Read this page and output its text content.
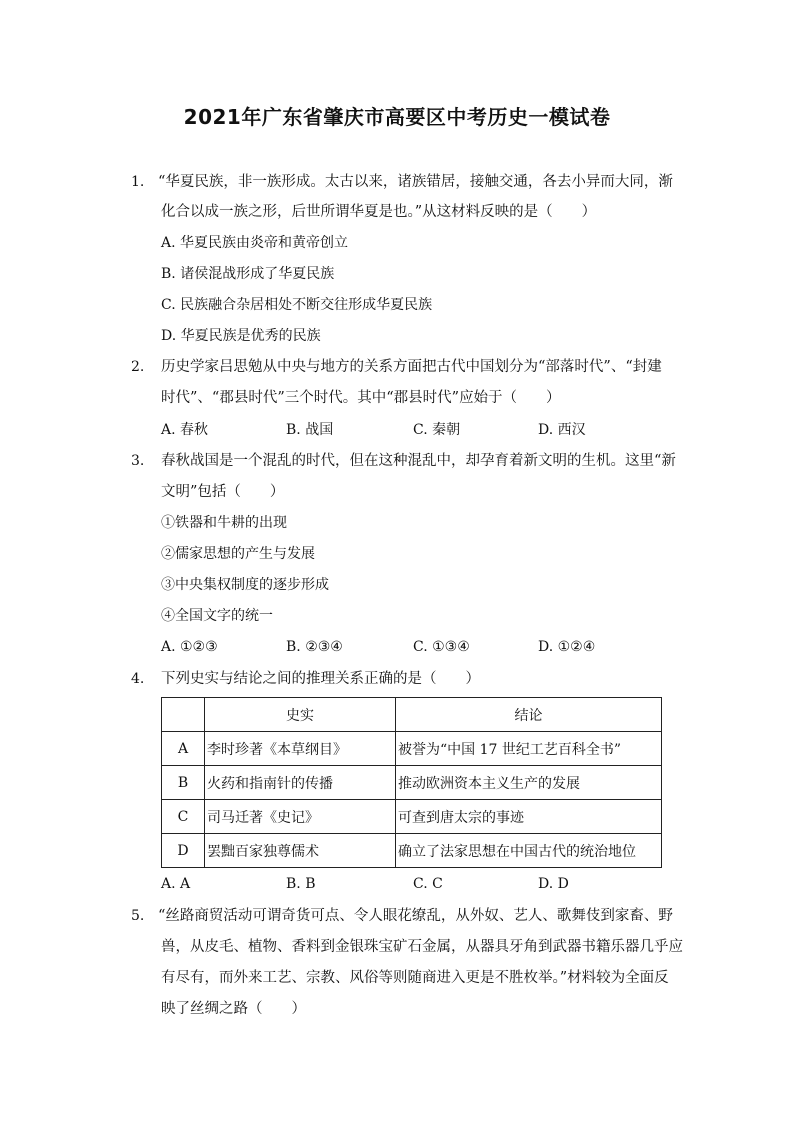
2021年广东省肇庆市高要区中考历史一模试卷
1. “华夏民族，非一族形成。太古以来，诸族错居，接触交通，各去小异而大同，渐
化合以成一族之形，后世所谓华夏是也。”从这材料反映的是（　　）
A. 华夏民族由炎帝和黄帝创立
B. 诸侯混战形成了华夏民族
C. 民族融合杂居相处不断交往形成华夏民族
D. 华夏民族是优秀的民族
2. 历史学家吕思勉从中央与地方的关系方面把古代中国划分为“部落时代”、“封建
时代”、“郡县时代”三个时代。其中“郡县时代”应始于（　　）
A. 春秋	B. 战国	C. 秦朝	D. 西汉
3. 春秋战国是一个混乱的时代，但在这种混乱中，却孕育着新文明的生机。这里“新
文明”包括（　　）
①铁器和牛耕的出现
②儒家思想的产生与发展
③中央集权制度的逐步形成
④全国文字的统一
A. ①②③	B. ②③④	C. ①③④	D. ①②④
4. 下列史实与结论之间的推理关系正确的是（　　）
	史实	结论
A	李时珍著《本草纲目》	被誉为“中国 17 世纪工艺百科全书”
B	火药和指南针的传播	推动欧洲资本主义生产的发展
C	司马迁著《史记》	可查到唐太宗的事迹
D	罢黜百家独尊儒术	确立了法家思想在中国古代的统治地位
A. A	B. B	C. C	D. D
5. “丝路商贸活动可谓奇货可点、令人眼花缭乱，从外奴、艺人、歌舞伎到家畜、野
兽，从皮毛、植物、香料到金银珠宝矿石金属，从器具牙角到武器书籍乐器几乎应
有尽有，而外来工艺、宗教、风俗等则随商进入更是不胜枚举。”材料较为全面反
映了丝绸之路（　　）
